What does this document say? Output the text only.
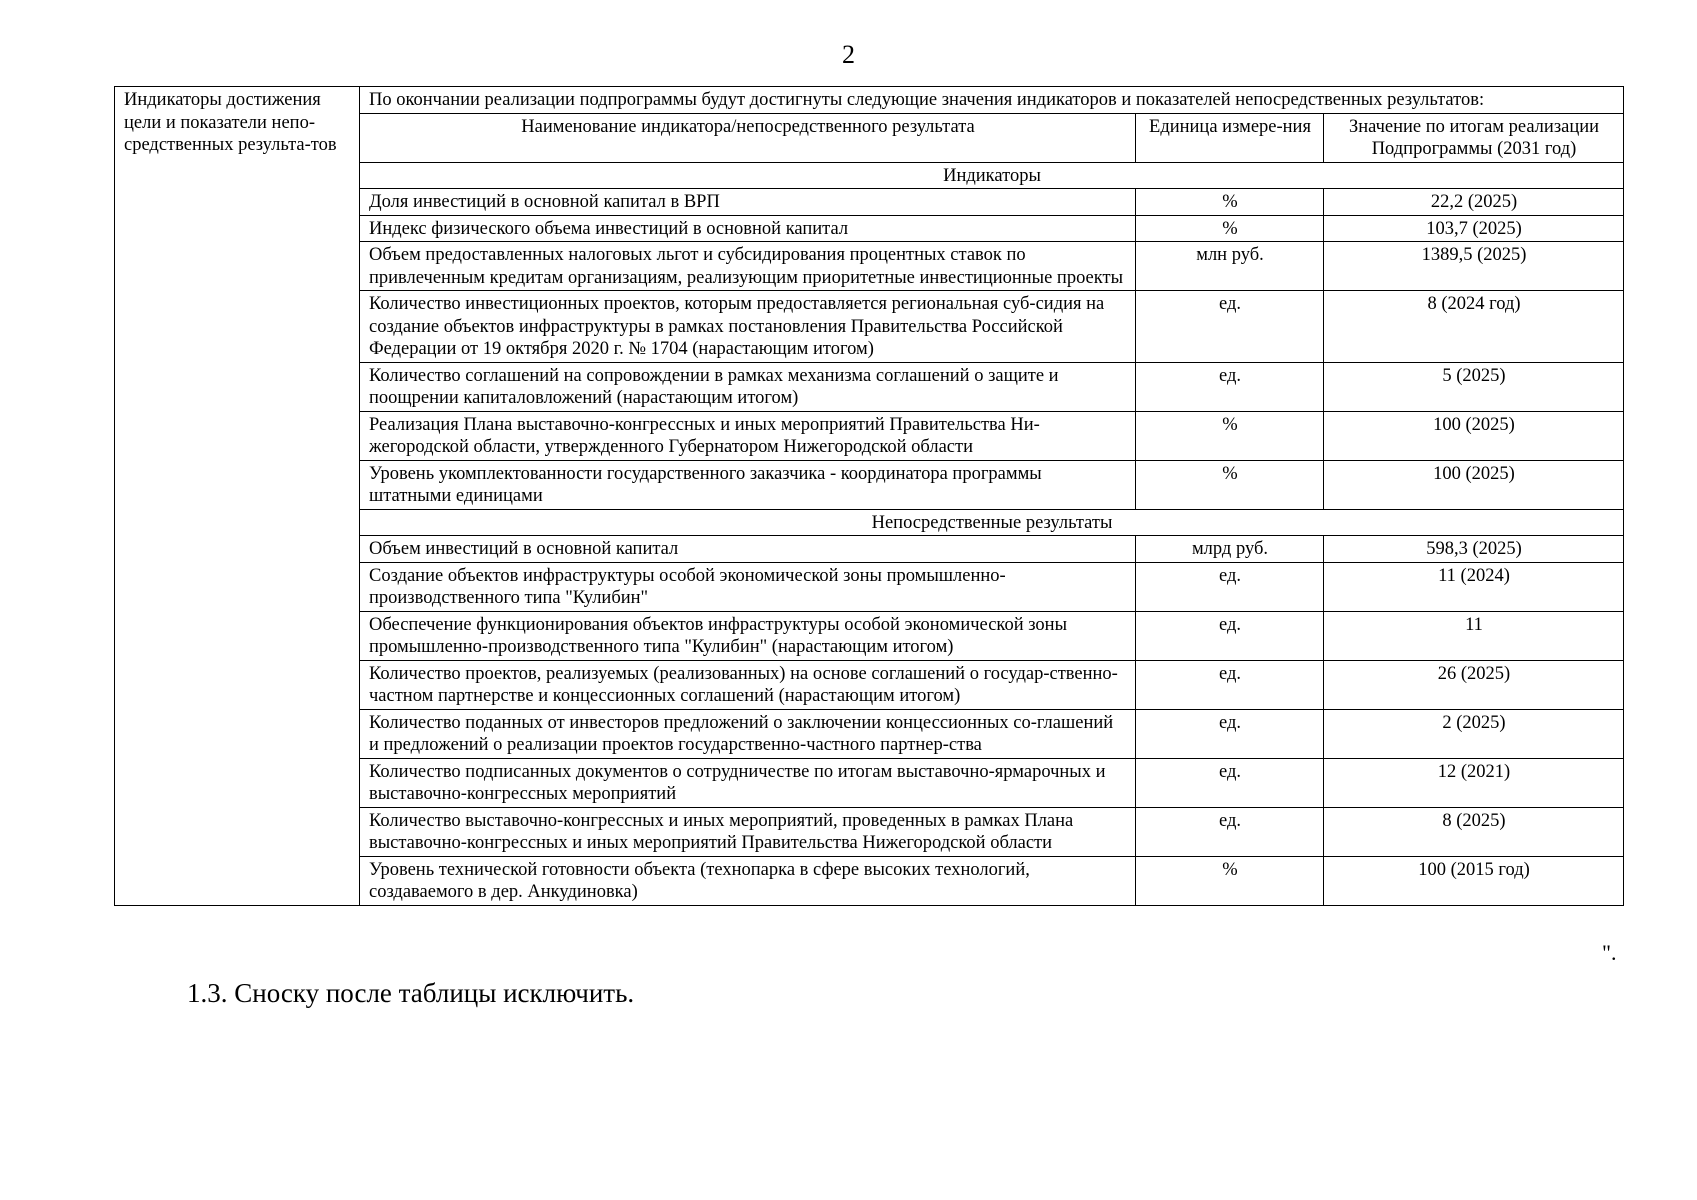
2
Индикаторы достижения цели и показатели непо-средственных результа-тов	По окончании реализации подпрограммы будут достигнуты следующие значения индикаторов и показателей непосредственных результатов:		
	Наименование индикатора/непосредственного результата	Единица измере-ния	Значение по итогам реализации Подпрограммы (2031 год)
	Индикаторы		
	Доля инвестиций в основной капитал в ВРП	%	22,2 (2025)
	Индекс физического объема инвестиций в основной капитал	%	103,7 (2025)
	Объем предоставленных налоговых льгот и субсидирования процентных ставок по привлеченным кредитам организациям, реализующим приоритетные инвестиционные проекты	млн руб.	1389,5 (2025)
	Количество инвестиционных проектов, которым предоставляется региональная суб-сидия на создание объектов инфраструктуры в рамках постановления Правительства Российской Федерации от 19 октября 2020 г. № 1704 (нарастающим итогом)	ед.	8 (2024 год)
	Количество соглашений на сопровождении в рамках механизма соглашений о защите и поощрении капиталовложений (нарастающим итогом)	ед.	5 (2025)
	Реализация Плана выставочно-конгрессных и иных мероприятий Правительства Ни-жегородской области, утвержденного Губернатором Нижегородской области	%	100 (2025)
	Уровень укомплектованности государственного заказчика - координатора программы штатными единицами	%	100 (2025)
	Непосредственные результаты		
	Объем инвестиций в основной капитал	млрд руб.	598,3 (2025)
	Создание объектов инфраструктуры особой экономической зоны промышленно-производственного типа "Кулибин"	ед.	11 (2024)
	Обеспечение функционирования объектов инфраструктуры особой экономической зоны промышленно-производственного типа "Кулибин" (нарастающим итогом)	ед.	11
	Количество проектов, реализуемых (реализованных) на основе соглашений о государ-ственно-частном партнерстве и концессионных соглашений (нарастающим итогом)	ед.	26 (2025)
	Количество поданных от инвесторов предложений о заключении концессионных со-глашений и предложений о реализации проектов государственно-частного партнер-ства	ед.	2 (2025)
	Количество подписанных документов о сотрудничестве по итогам выставочно-ярмарочных и выставочно-конгрессных мероприятий	ед.	12 (2021)
	Количество выставочно-конгрессных и иных мероприятий, проведенных в рамках Плана выставочно-конгрессных и иных мероприятий Правительства Нижегородской области	ед.	8 (2025)
	Уровень технической готовности объекта (технопарка в сфере высоких технологий, создаваемого в дер. Анкудиновка)	%	100 (2015 год)
".
1.3. Сноску после таблицы исключить.
